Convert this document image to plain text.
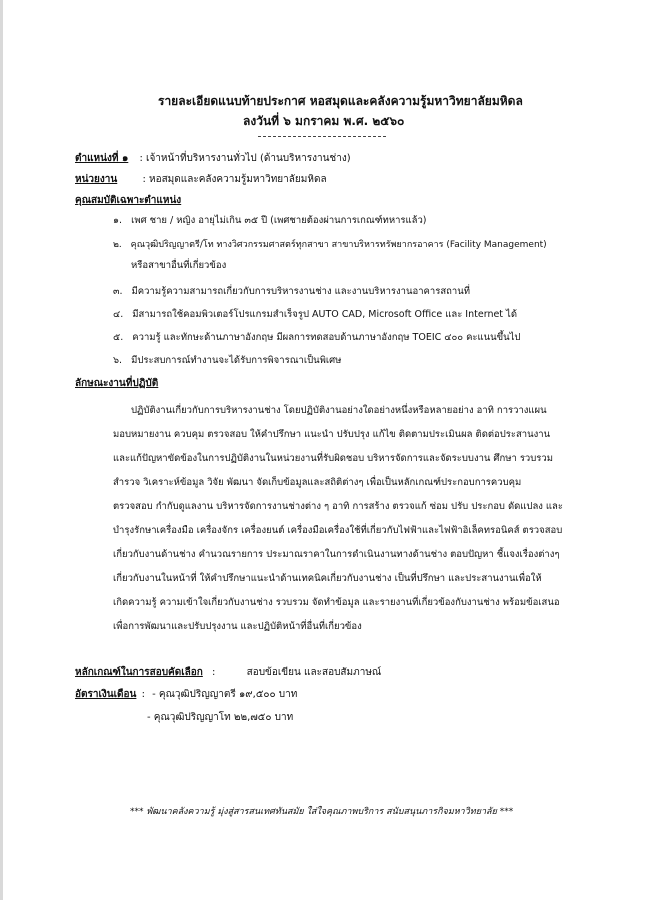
รายละเอียดแนบท้ายประกาศ หอสมุดและคลังความรู้มหาวิทยาลัยมหิดล
ลงวันที่ ๖ มกราคม พ.ศ. ๒๕๖๐
ตำแหน่งที่ ๑ : เจ้าหน้าที่บริหารงานทั่วไป (ด้านบริหารงานช่าง)
หน่วยงาน	: หอสมุดและคลังความรู้มหาวิทยาลัยมหิดล
คุณสมบัติเฉพาะตำแหน่ง
๑. เพศ ชาย / หญิง อายุไม่เกิน ๓๕ ปี (เพศชายต้องผ่านการเกณฑ์ทหารแล้ว)
๒. คุณวุฒิปริญญาตรี/โท ทางวิศวกรรมศาสตร์ทุกสาขา สาขาบริหารทรัพยากรอาคาร (Facility Management)
หรือสาขาอื่นที่เกี่ยวข้อง
๓. มีความรู้ความสามารถเกี่ยวกับการบริหารงานช่าง และงานบริหารงานอาคารสถานที่
๔. มีสามารถใช้คอมพิวเตอร์โปรแกรมสำเร็จรูป AUTO CAD, Microsoft Office และ Internet ได้
๕. ความรู้ และทักษะด้านภาษาอังกฤษ มีผลการทดสอบด้านภาษาอังกฤษ TOEIC ๔๐๐ คะแนนขึ้นไป
๖. มีประสบการณ์ทำงานจะได้รับการพิจารณาเป็นพิเศษ
ลักษณะงานที่ปฏิบัติ
ปฏิบัติงานเกี่ยวกับการบริหารงานช่าง โดยปฏิบัติงานอย่างใดอย่างหนึ่งหรือหลายอย่าง อาทิ การวางแผน
มอบหมายงาน ควบคุม ตรวจสอบ ให้คำปรึกษา แนะนำ ปรับปรุง แก้ไข ติดตามประเมินผล ติดต่อประสานงาน
และแก้ปัญหาขัดข้องในการปฏิบัติงานในหน่วยงานที่รับผิดชอบ บริหารจัดการและจัดระบบงาน ศึกษา รวบรวม
สำรวจ วิเคราะห์ข้อมูล วิจัย พัฒนา จัดเก็บข้อมูลและสถิติต่างๆ เพื่อเป็นหลักเกณฑ์ประกอบการควบคุม
ตรวจสอบ กำกับดูแลงาน บริหารจัดการงานช่างต่าง ๆ อาทิ การสร้าง ตรวจแก้ ซ่อม ปรับ ประกอบ ดัดแปลง และ
บำรุงรักษาเครื่องมือ เครื่องจักร เครื่องยนต์ เครื่องมือเครื่องใช้ที่เกี่ยวกับไฟฟ้าและไฟฟ้าอิเล็คทรอนิคส์ ตรวจสอบ
เกี่ยวกับงานด้านช่าง คำนวณรายการ ประมาณราคาในการดำเนินงานทางด้านช่าง ตอบปัญหา ชี้แจงเรื่องต่างๆ
เกี่ยวกับงานในหน้าที่ ให้คำปรึกษาแนะนำด้านเทคนิคเกี่ยวกับงานช่าง เป็นที่ปรึกษา และประสานงานเพื่อให้
เกิดความรู้ ความเข้าใจเกี่ยวกับงานช่าง รวบรวม จัดทำข้อมูล และรายงานที่เกี่ยวข้องกับงานช่าง พร้อมข้อเสนอ
เพื่อการพัฒนาและปรับปรุงงาน และปฏิบัติหน้าที่อื่นที่เกี่ยวข้อง
หลักเกณฑ์ในการสอบคัดเลือก :	สอบข้อเขียน และสอบสัมภาษณ์
อัตราเงินเดือน : - คุณวุฒิปริญญาตรี ๑๙,๕๐๐ บาท
- คุณวุฒิปริญญาโท ๒๒,๗๕๐ บาท
*** พัฒนาคลังความรู้ มุ่งสู่สารสนเทศทันสมัย ใส่ใจคุณภาพบริการ สนับสนุนภารกิจมหาวิทยาลัย ***
